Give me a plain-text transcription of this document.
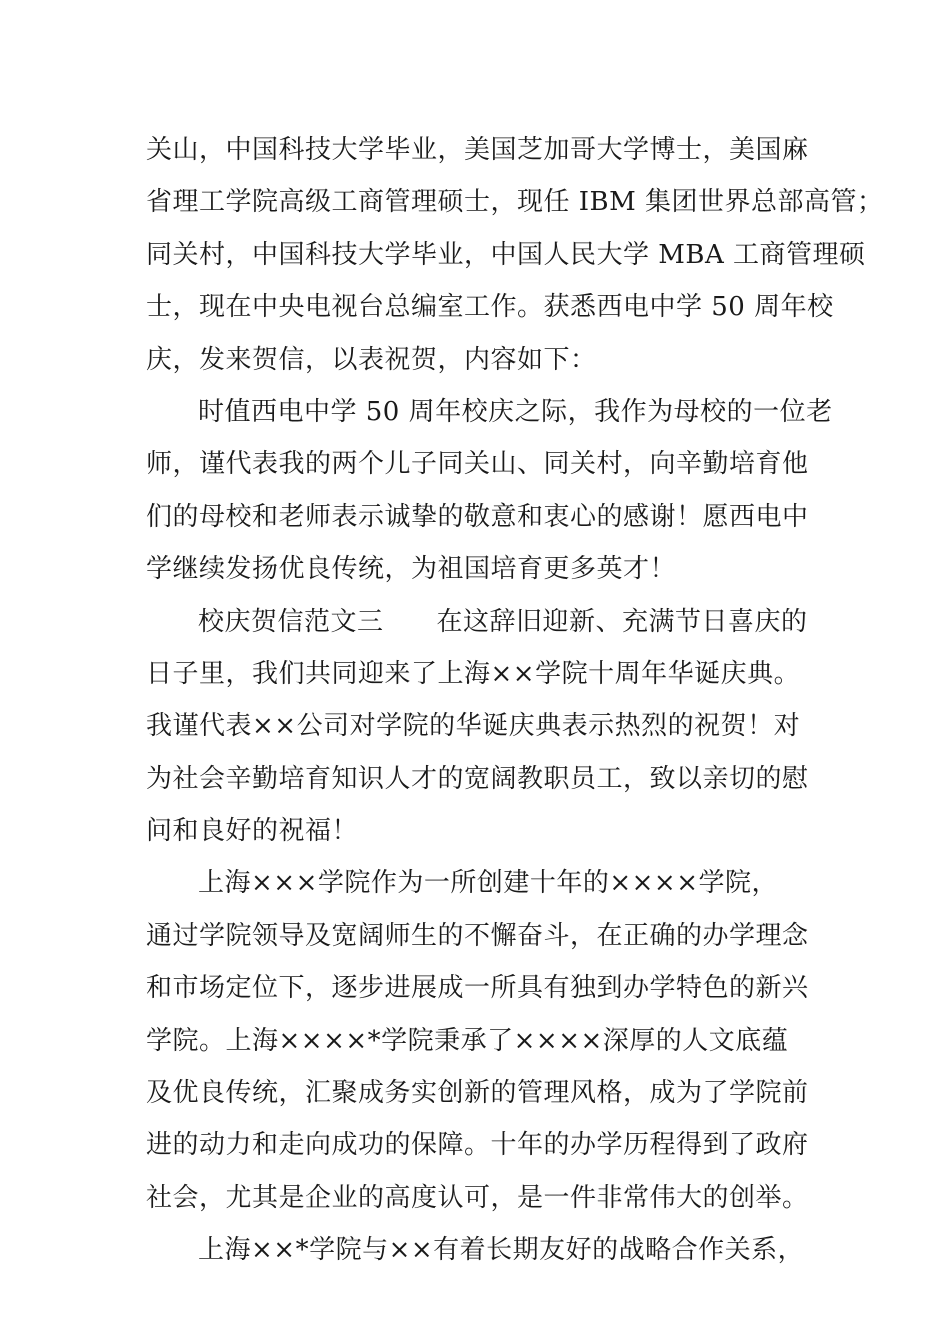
关山，中国科技大学毕业，美国芝加哥大学博士，美国麻
省理工学院高级工商管理硕士，现任 IBM 集团世界总部高管；
同关村，中国科技大学毕业，中国人民大学 MBA 工商管理硕
士，现在中央电视台总编室工作。获悉西电中学 50 周年校
庆，发来贺信，以表祝贺，内容如下：
时值西电中学 50 周年校庆之际，我作为母校的一位老
师，谨代表我的两个儿子同关山、同关村，向辛勤培育他
们的母校和老师表示诚挚的敬意和衷心的感谢！愿西电中
学继续发扬优良传统，为祖国培育更多英才！
校庆贺信范文三　　在这辞旧迎新、充满节日喜庆的
日子里，我们共同迎来了上海××学院十周年华诞庆典。
我谨代表××公司对学院的华诞庆典表示热烈的祝贺！对
为社会辛勤培育知识人才的宽阔教职员工，致以亲切的慰
问和良好的祝福！
上海×××学院作为一所创建十年的××××学院，
通过学院领导及宽阔师生的不懈奋斗，在正确的办学理念
和市场定位下，逐步进展成一所具有独到办学特色的新兴
学院。上海××××*学院秉承了××××深厚的人文底蕴
及优良传统，汇聚成务实创新的管理风格，成为了学院前
进的动力和走向成功的保障。十年的办学历程得到了政府
社会，尤其是企业的高度认可，是一件非常伟大的创举。
上海××*学院与××有着长期友好的战略合作关系，
